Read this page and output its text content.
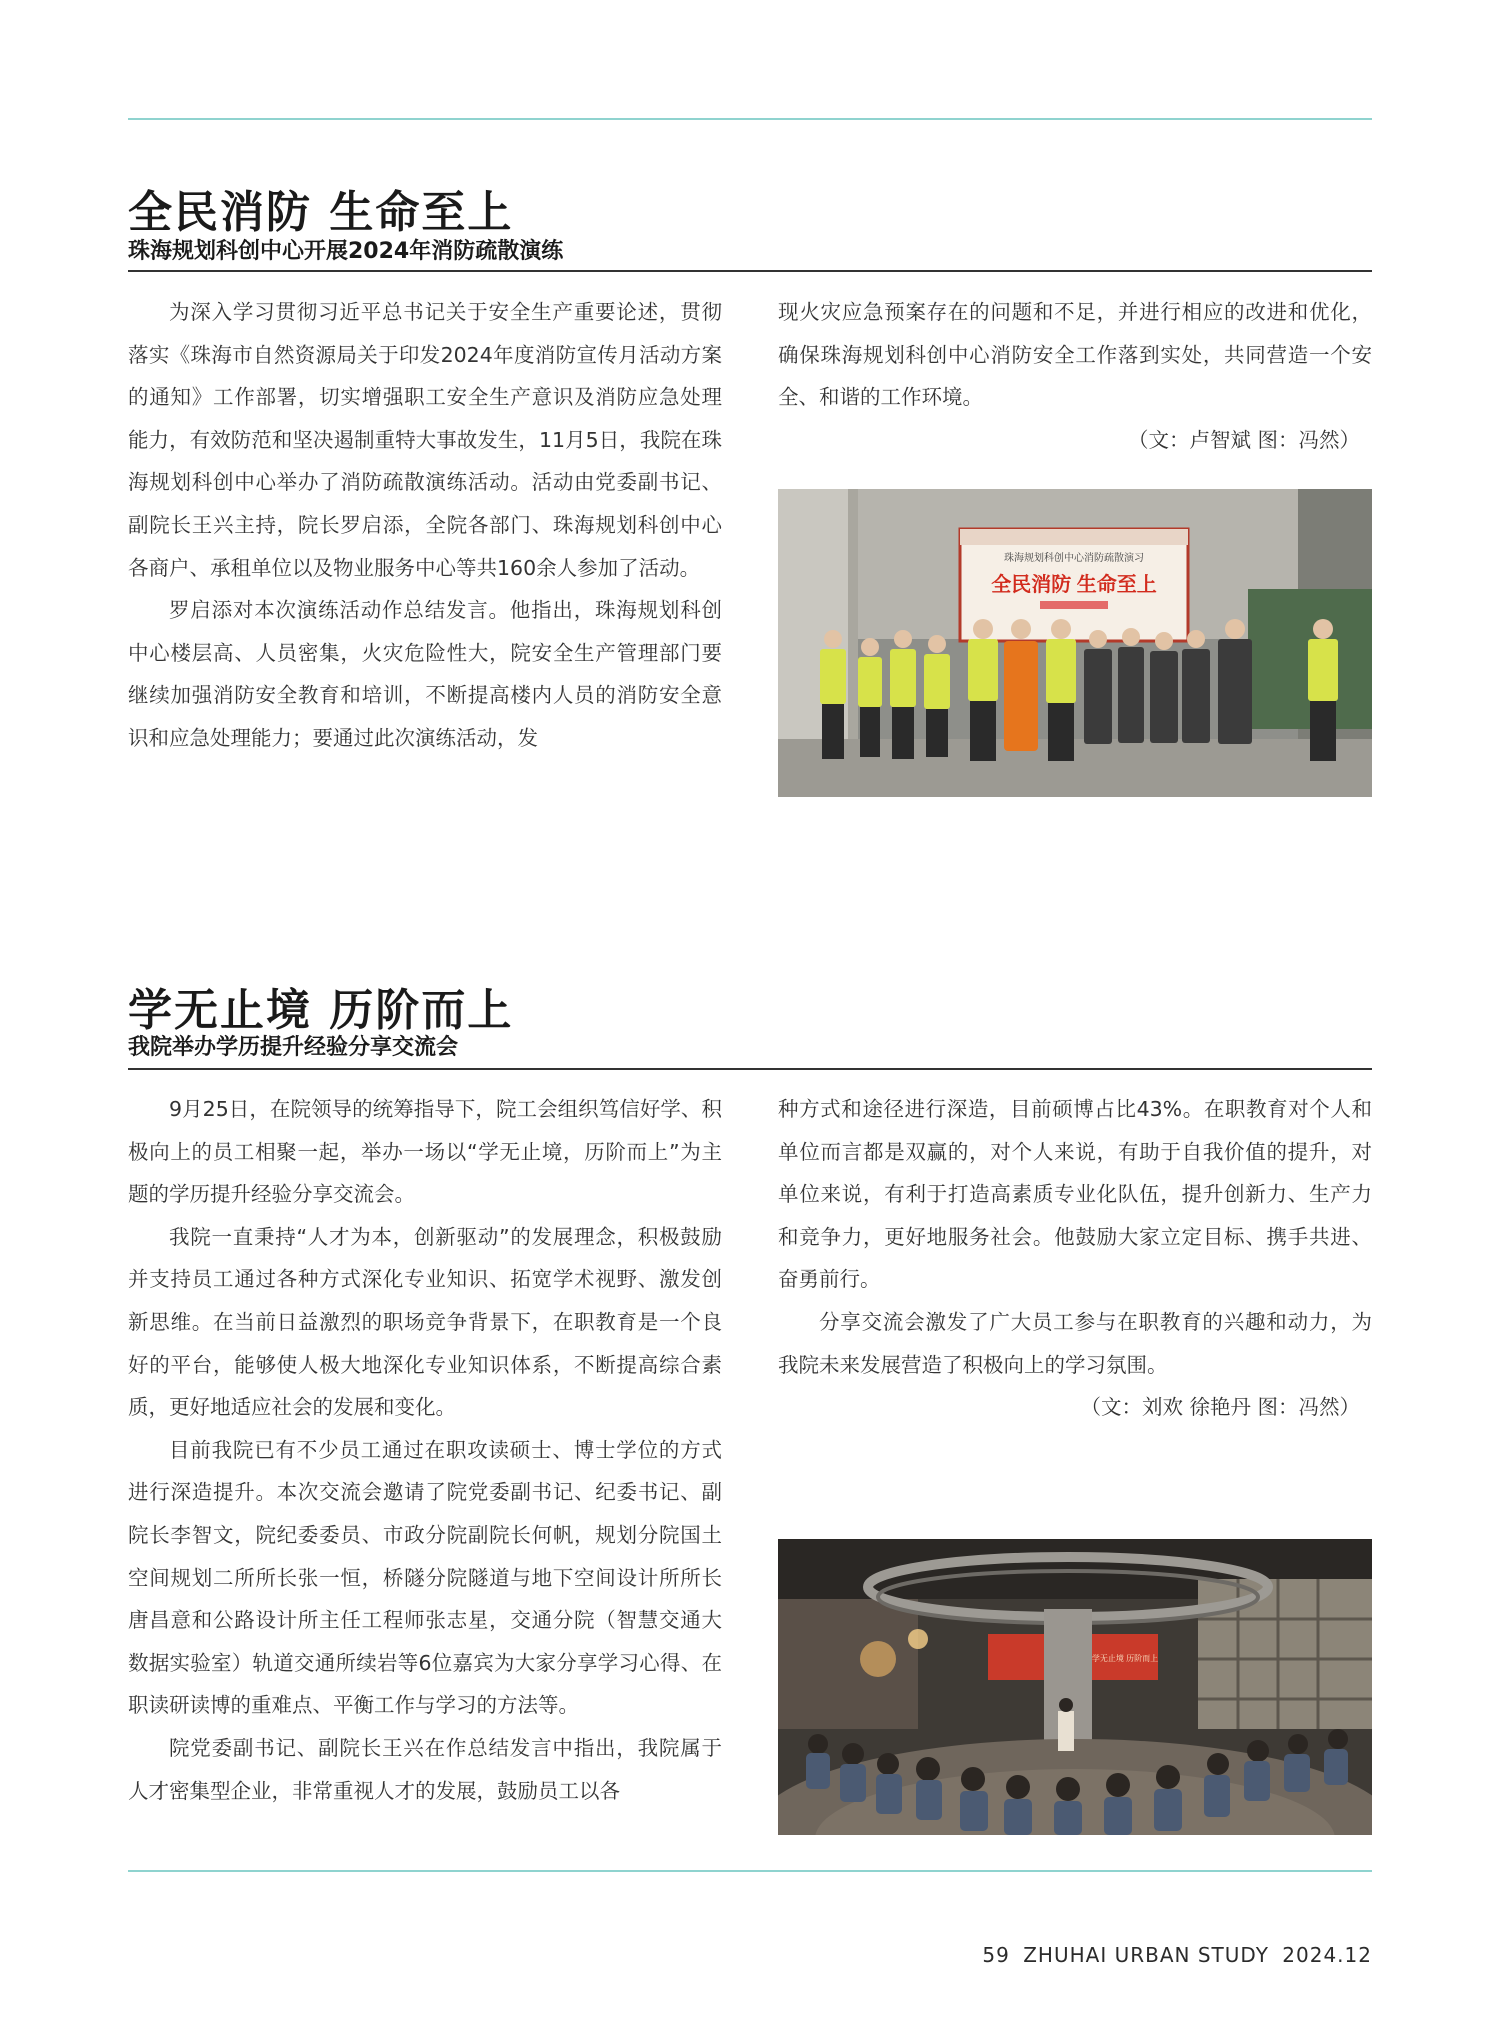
全民消防 生命至上
珠海规划科创中心开展2024年消防疏散演练

为深入学习贯彻习近平总书记关于安全生产重要论述，贯彻落实《珠海市自然资源局关于印发2024年度消防宣传月活动方案的通知》工作部署，切实增强职工安全生产意识及消防应急处理能力，有效防范和坚决遏制重特大事故发生，11月5日，我院在珠海规划科创中心举办了消防疏散演练活动。活动由党委副书记、副院长王兴主持，院长罗启添，全院各部门、珠海规划科创中心各商户、承租单位以及物业服务中心等共160余人参加了活动。

罗启添对本次演练活动作总结发言。他指出，珠海规划科创中心楼层高、人员密集，火灾危险性大，院安全生产管理部门要继续加强消防安全教育和培训，不断提高楼内人员的消防安全意识和应急处理能力；要通过此次演练活动，发

现火灾应急预案存在的问题和不足，并进行相应的改进和优化，确保珠海规划科创中心消防安全工作落到实处，共同营造一个安全、和谐的工作环境。

（文：卢智斌 图：冯然）

珠海规划科创中心消防疏散演习
全民消防 生命至上
学无止境 历阶而上
我院举办学历提升经验分享交流会

9月25日，在院领导的统筹指导下，院工会组织笃信好学、积极向上的员工相聚一起，举办一场以“学无止境，历阶而上”为主题的学历提升经验分享交流会。

我院一直秉持“人才为本，创新驱动”的发展理念，积极鼓励并支持员工通过各种方式深化专业知识、拓宽学术视野、激发创新思维。在当前日益激烈的职场竞争背景下，在职教育是一个良好的平台，能够使人极大地深化专业知识体系，不断提高综合素质，更好地适应社会的发展和变化。

目前我院已有不少员工通过在职攻读硕士、博士学位的方式进行深造提升。本次交流会邀请了院党委副书记、纪委书记、副院长李智文，院纪委委员、市政分院副院长何帆，规划分院国土空间规划二所所长张一恒，桥隧分院隧道与地下空间设计所所长唐昌意和公路设计所主任工程师张志星，交通分院（智慧交通大数据实验室）轨道交通所续岩等6位嘉宾为大家分享学习心得、在职读研读博的重难点、平衡工作与学习的方法等。

院党委副书记、副院长王兴在作总结发言中指出，我院属于人才密集型企业，非常重视人才的发展，鼓励员工以各

种方式和途径进行深造，目前硕博占比43%。在职教育对个人和单位而言都是双赢的，对个人来说，有助于自我价值的提升，对单位来说，有利于打造高素质专业化队伍，提升创新力、生产力和竞争力，更好地服务社会。他鼓励大家立定目标、携手共进、奋勇前行。

分享交流会激发了广大员工参与在职教育的兴趣和动力，为我院未来发展营造了积极向上的学习氛围。

（文：刘欢 徐艳丹 图：冯然）

学无止境 历阶而上
59 ZHUHAI URBAN STUDY 2024.12
